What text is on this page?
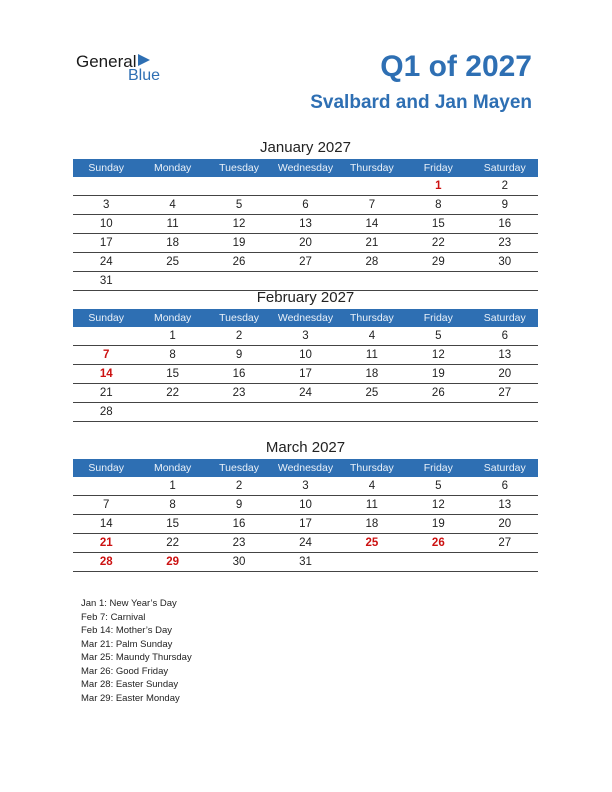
General
Blue	Q1 of 2027
Svalbard and Jan Mayen
January 2027
Sunday	Monday	Tuesday	Wednesday	Thursday	Friday	Saturday
					1	2
3	4	5	6	7	8	9
10	11	12	13	14	15	16
17	18	19	20	21	22	23
24	25	26	27	28	29	30
31						
February 2027
Sunday	Monday	Tuesday	Wednesday	Thursday	Friday	Saturday
	1	2	3	4	5	6
7	8	9	10	11	12	13
14	15	16	17	18	19	20
21	22	23	24	25	26	27
28						
March 2027
Sunday	Monday	Tuesday	Wednesday	Thursday	Friday	Saturday
	1	2	3	4	5	6
7	8	9	10	11	12	13
14	15	16	17	18	19	20
21	22	23	24	25	26	27
28	29	30	31			
Jan 1: New Year’s Day
Feb 7: Carnival
Feb 14: Mother’s Day
Mar 21: Palm Sunday
Mar 25: Maundy Thursday
Mar 26: Good Friday
Mar 28: Easter Sunday
Mar 29: Easter Monday
